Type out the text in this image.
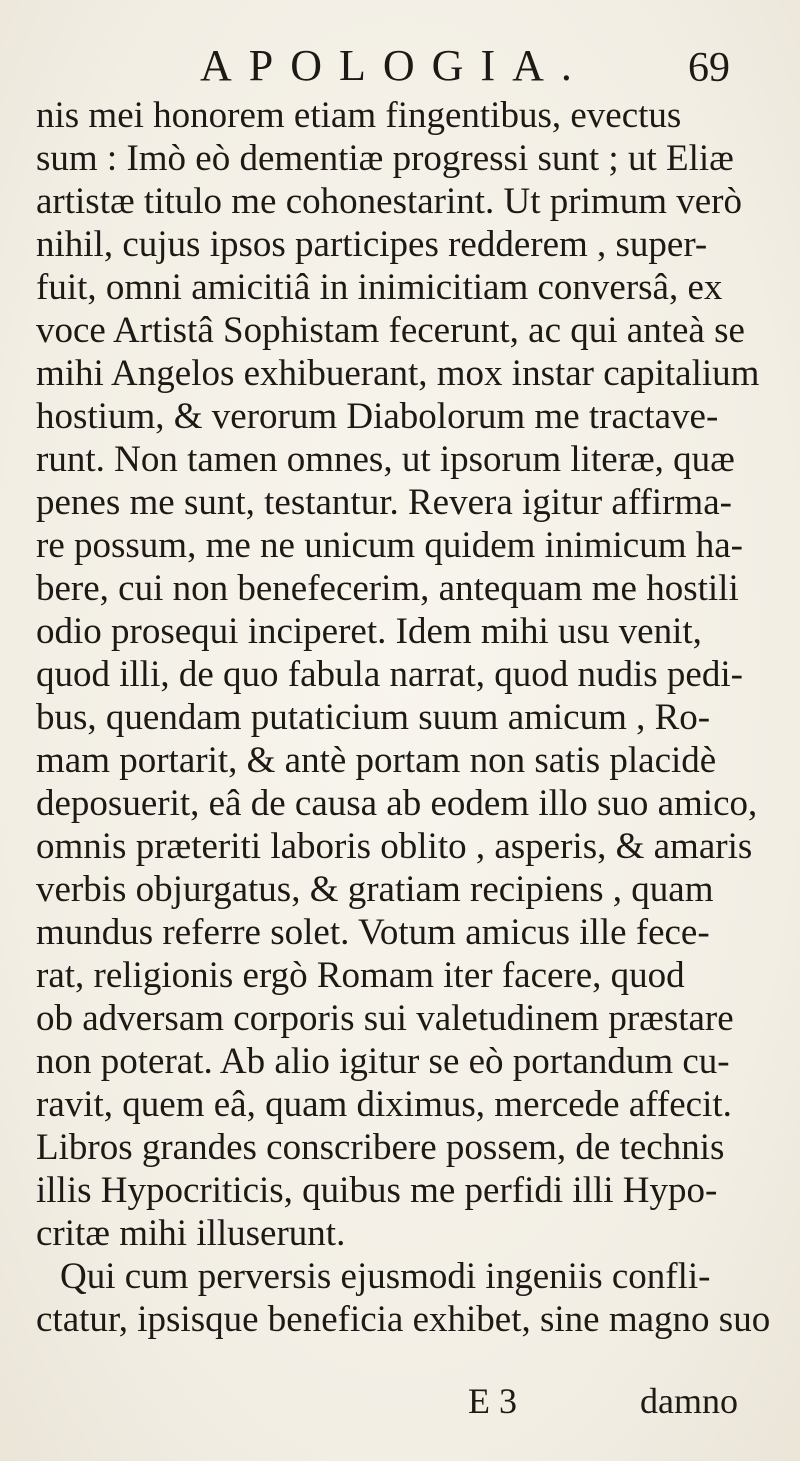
APOLOGIA. 69
nis mei honorem etiam fingentibus, evectus
sum : Imò eò dementiæ progressi sunt ; ut Eliæ
artistæ titulo me cohonestarint. Ut primum verò
nihil, cujus ipsos participes redderem , super-
fuit, omni amicitiâ in inimicitiam conversâ, ex
voce Artistâ Sophistam fecerunt, ac qui anteà se
mihi Angelos exhibuerant, mox instar capitalium
hostium, & verorum Diabolorum me tractave-
runt. Non tamen omnes, ut ipsorum literæ, quæ
penes me sunt, testantur. Revera igitur affirma-
re possum, me ne unicum quidem inimicum ha-
bere, cui non benefecerim, antequam me hostili
odio prosequi inciperet. Idem mihi usu venit,
quod illi, de quo fabula narrat, quod nudis pedi-
bus, quendam putaticium suum amicum , Ro-
mam portarit, & antè portam non satis placidè
deposuerit, eâ de causa ab eodem illo suo amico,
omnis præteriti laboris oblito , asperis, & amaris
verbis objurgatus, & gratiam recipiens , quam
mundus referre solet. Votum amicus ille fece-
rat, religionis ergò Romam iter facere, quod
ob adversam corporis sui valetudinem præstare
non poterat. Ab alio igitur se eò portandum cu-
ravit, quem eâ, quam diximus, mercede affecit.
Libros grandes conscribere possem, de technis
illis Hypocriticis, quibus me perfidi illi Hypo-
critæ mihi illuserunt.
Qui cum perversis ejusmodi ingeniis confli-
ctatur, ipsisque beneficia exhibet, sine magno suo
E 3	damno
